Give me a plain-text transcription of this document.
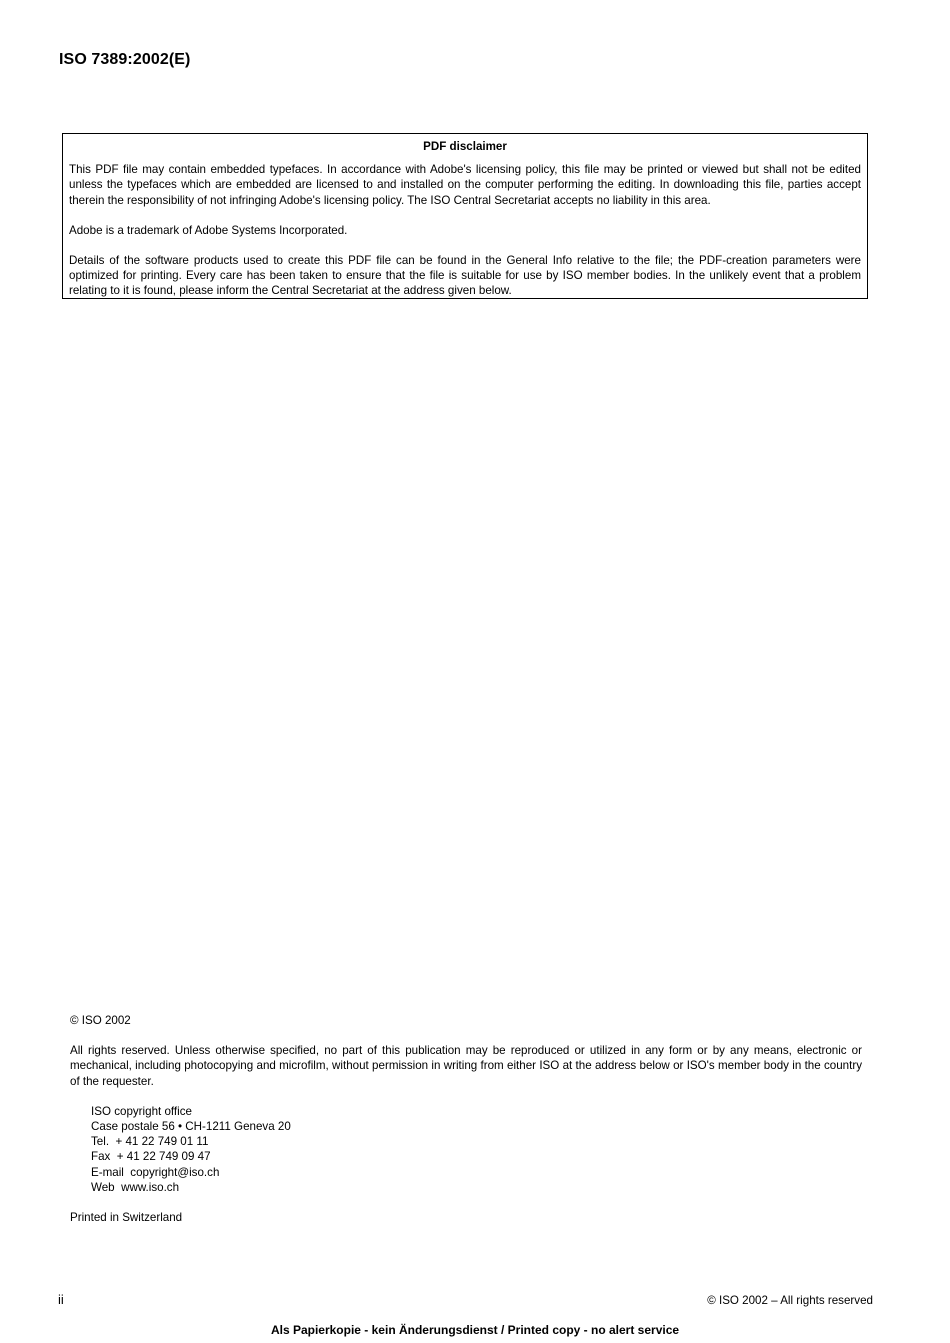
ISO 7389:2002(E)
PDF disclaimer

This PDF file may contain embedded typefaces. In accordance with Adobe's licensing policy, this file may be printed or viewed but shall not be edited unless the typefaces which are embedded are licensed to and installed on the computer performing the editing. In downloading this file, parties accept therein the responsibility of not infringing Adobe's licensing policy. The ISO Central Secretariat accepts no liability in this area.

Adobe is a trademark of Adobe Systems Incorporated.

Details of the software products used to create this PDF file can be found in the General Info relative to the file; the PDF-creation parameters were optimized for printing. Every care has been taken to ensure that the file is suitable for use by ISO member bodies. In the unlikely event that a problem relating to it is found, please inform the Central Secretariat at the address given below.

© ISO 2002
All rights reserved. Unless otherwise specified, no part of this publication may be reproduced or utilized in any form or by any means, electronic or mechanical, including photocopying and microfilm, without permission in writing from either ISO at the address below or ISO's member body in the country of the requester.
ISO copyright office
Case postale 56 • CH-1211 Geneva 20
Tel.  + 41 22 749 01 11
Fax  + 41 22 749 09 47
E-mail  copyright@iso.ch
Web  www.iso.ch
Printed in Switzerland
ii	© ISO 2002 – All rights reserved
Als Papierkopie - kein Änderungsdienst / Printed copy - no alert service
